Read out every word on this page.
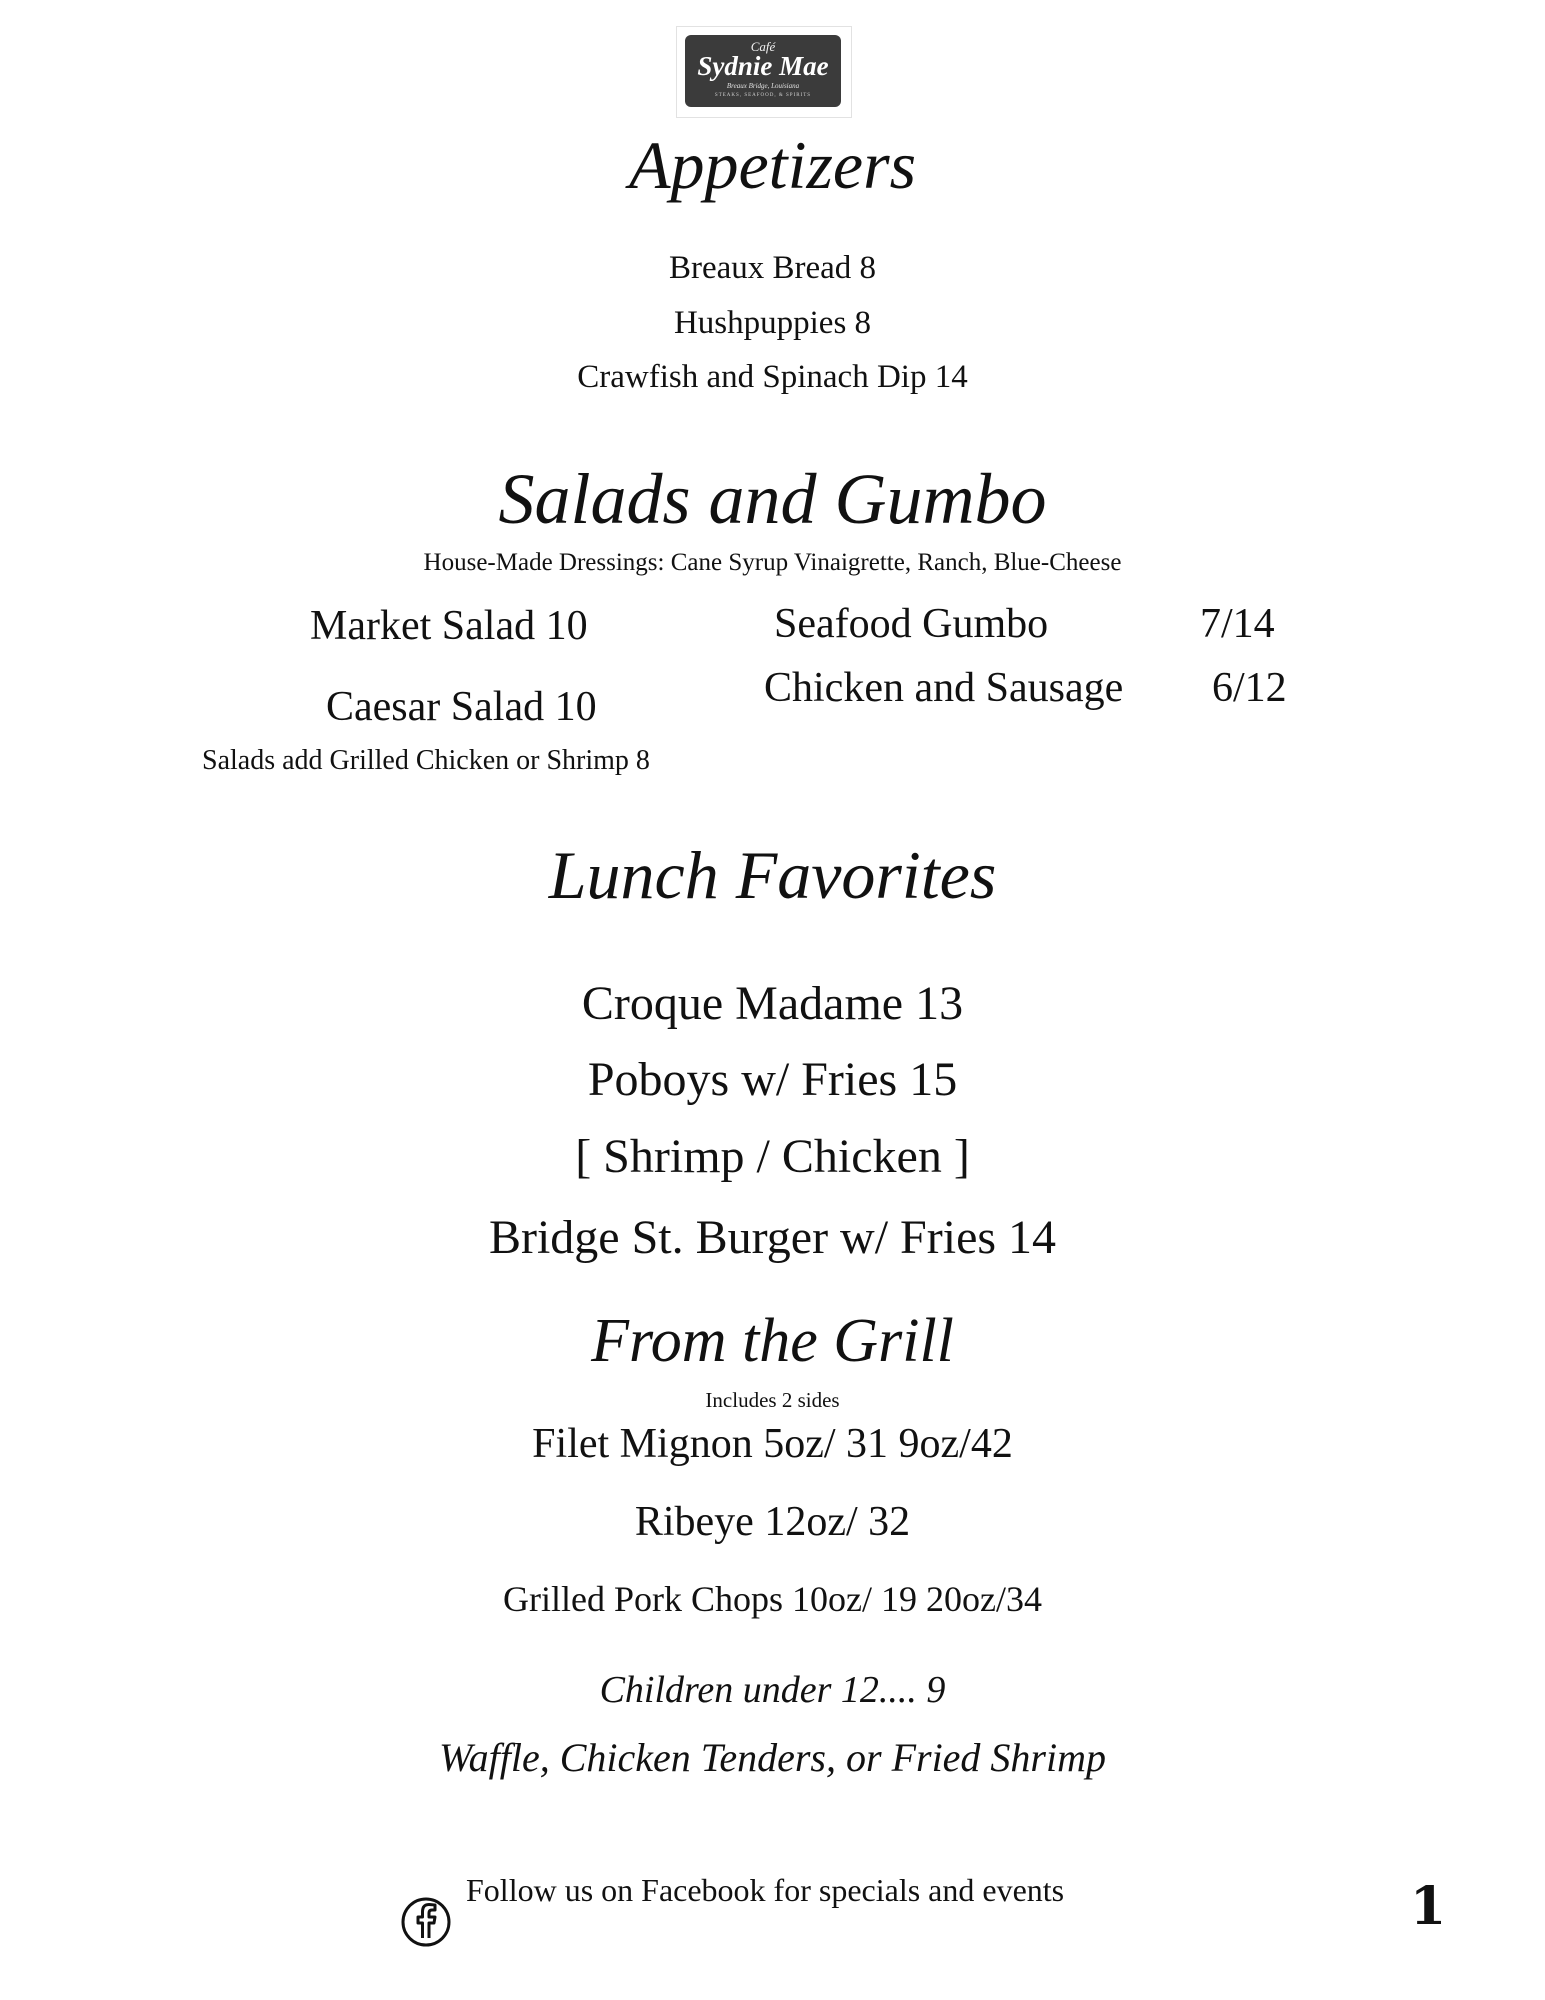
Café
Sydnie Mae
Breaux Bridge, Louisiana
STEAKS, SEAFOOD, & SPIRITS
Appetizers
Breaux Bread 8
Hushpuppies 8
Crawfish and Spinach Dip 14
Salads and Gumbo
House-Made Dressings: Cane Syrup Vinaigrette, Ranch, Blue-Cheese
Market Salad 10
Caesar Salad 10
Salads add Grilled Chicken or Shrimp 8
Seafood Gumbo	7/14
Chicken and Sausage 6/12
Lunch Favorites
Croque Madame 13
Poboys w/ Fries 15
[ Shrimp / Chicken ]
Bridge St. Burger w/ Fries 14
From the Grill
Includes 2 sides
Filet Mignon 5oz/ 31 9oz/42
Ribeye 12oz/ 32
Grilled Pork Chops 10oz/ 19 20oz/34
Children under 12.... 9
Waffle, Chicken Tenders, or Fried Shrimp
Follow us on Facebook for specials and events	1
